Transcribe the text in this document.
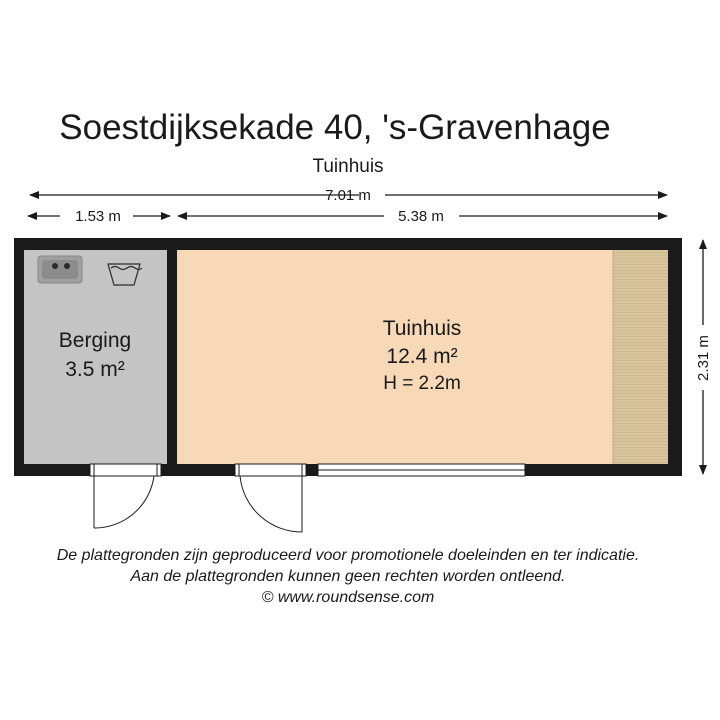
Soestdijksekade 40, 's-Gravenhage
Tuinhuis
7.01 m
1.53 m	5.38 m
2.31 m
Berging
3.5 m²
Tuinhuis
12.4 m²
H = 2.2m
De plattegronden zijn geproduceerd voor promotionele doeleinden en ter indicatie.
Aan de plattegronden kunnen geen rechten worden ontleend.
© www.roundsense.com
